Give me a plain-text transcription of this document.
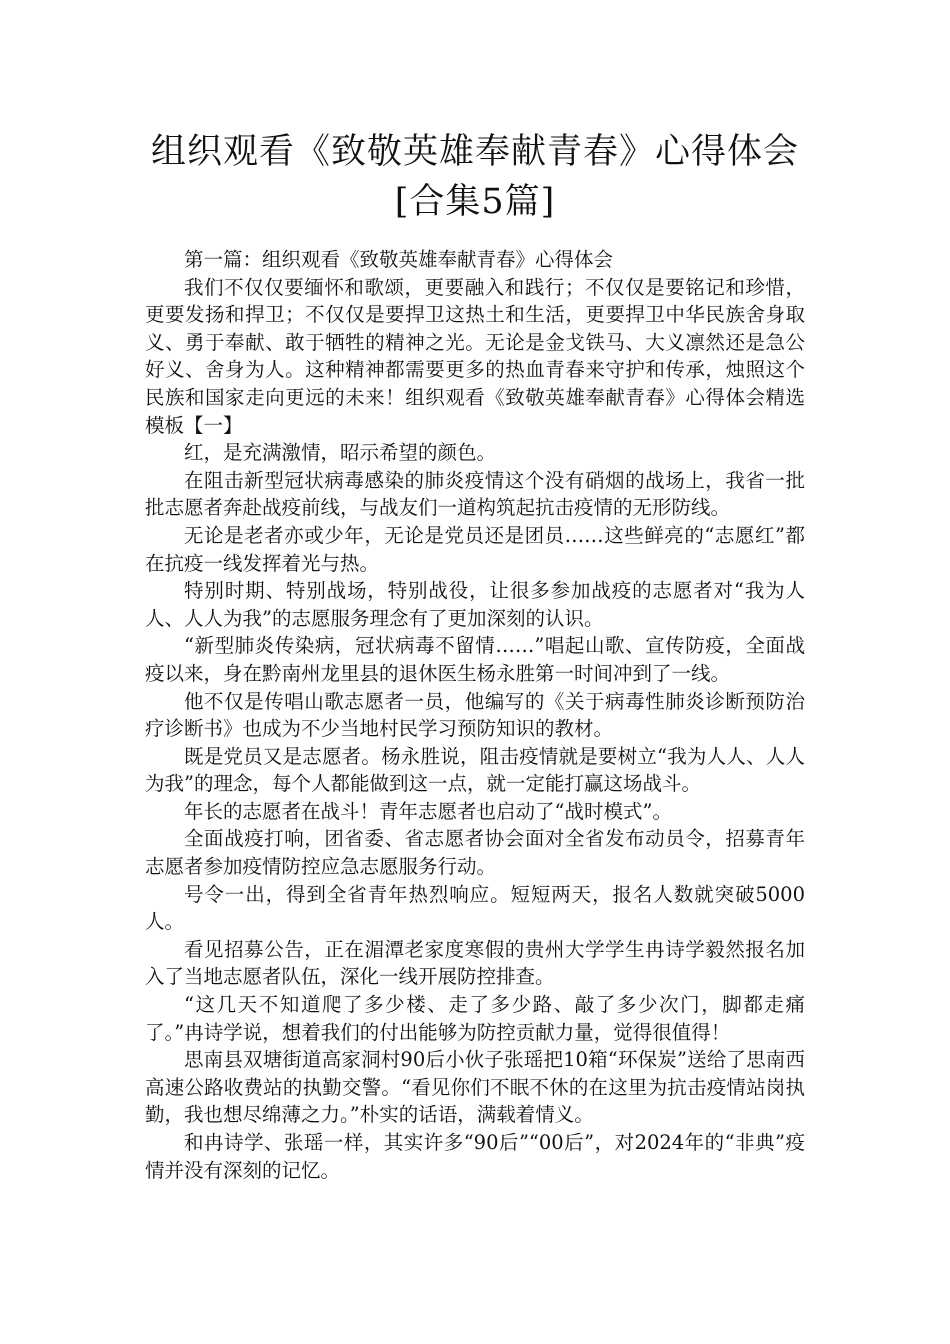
组织观看《致敬英雄奉献青春》心得体会
[合集5篇]

第一篇：组织观看《致敬英雄奉献青春》心得体会

我们不仅仅要缅怀和歌颂，更要融入和践行；不仅仅是要铭记和珍惜，更要发扬和捍卫；不仅仅是要捍卫这热土和生活，更要捍卫中华民族舍身取义、勇于奉献、敢于牺牲的精神之光。无论是金戈铁马、大义凛然还是急公好义、舍身为人。这种精神都需要更多的热血青春来守护和传承，烛照这个民族和国家走向更远的未来！组织观看《致敬英雄奉献青春》心得体会精选模板【一】

红，是充满激情，昭示希望的颜色。

在阻击新型冠状病毒感染的肺炎疫情这个没有硝烟的战场上，我省一批批志愿者奔赴战疫前线，与战友们一道构筑起抗击疫情的无形防线。

无论是老者亦或少年，无论是党员还是团员……这些鲜亮的“志愿红”都在抗疫一线发挥着光与热。

特别时期、特别战场，特别战役，让很多参加战疫的志愿者对“我为人人、人人为我”的志愿服务理念有了更加深刻的认识。

“新型肺炎传染病，冠状病毒不留情……”唱起山歌、宣传防疫，全面战疫以来，身在黔南州龙里县的退休医生杨永胜第一时间冲到了一线。

他不仅是传唱山歌志愿者一员，他编写的《关于病毒性肺炎诊断预防治疗诊断书》也成为不少当地村民学习预防知识的教材。

既是党员又是志愿者。杨永胜说，阻击疫情就是要树立“我为人人、人人为我”的理念，每个人都能做到这一点，就一定能打赢这场战斗。

年长的志愿者在战斗！青年志愿者也启动了“战时模式”。

全面战疫打响，团省委、省志愿者协会面对全省发布动员令，招募青年志愿者参加疫情防控应急志愿服务行动。

号令一出，得到全省青年热烈响应。短短两天，报名人数就突破5000人。

看见招募公告，正在湄潭老家度寒假的贵州大学学生冉诗学毅然报名加入了当地志愿者队伍，深化一线开展防控排查。

“这几天不知道爬了多少楼、走了多少路、敲了多少次门，脚都走痛了。”冉诗学说，想着我们的付出能够为防控贡献力量，觉得很值得！

思南县双塘街道高家洞村90后小伙子张瑶把10箱“环保炭”送给了思南西高速公路收费站的执勤交警。“看见你们不眠不休的在这里为抗击疫情站岗执勤，我也想尽绵薄之力。”朴实的话语，满载着情义。

和冉诗学、张瑶一样，其实许多“90后”“00后”，对2024年的“非典”疫情并没有深刻的记忆。
